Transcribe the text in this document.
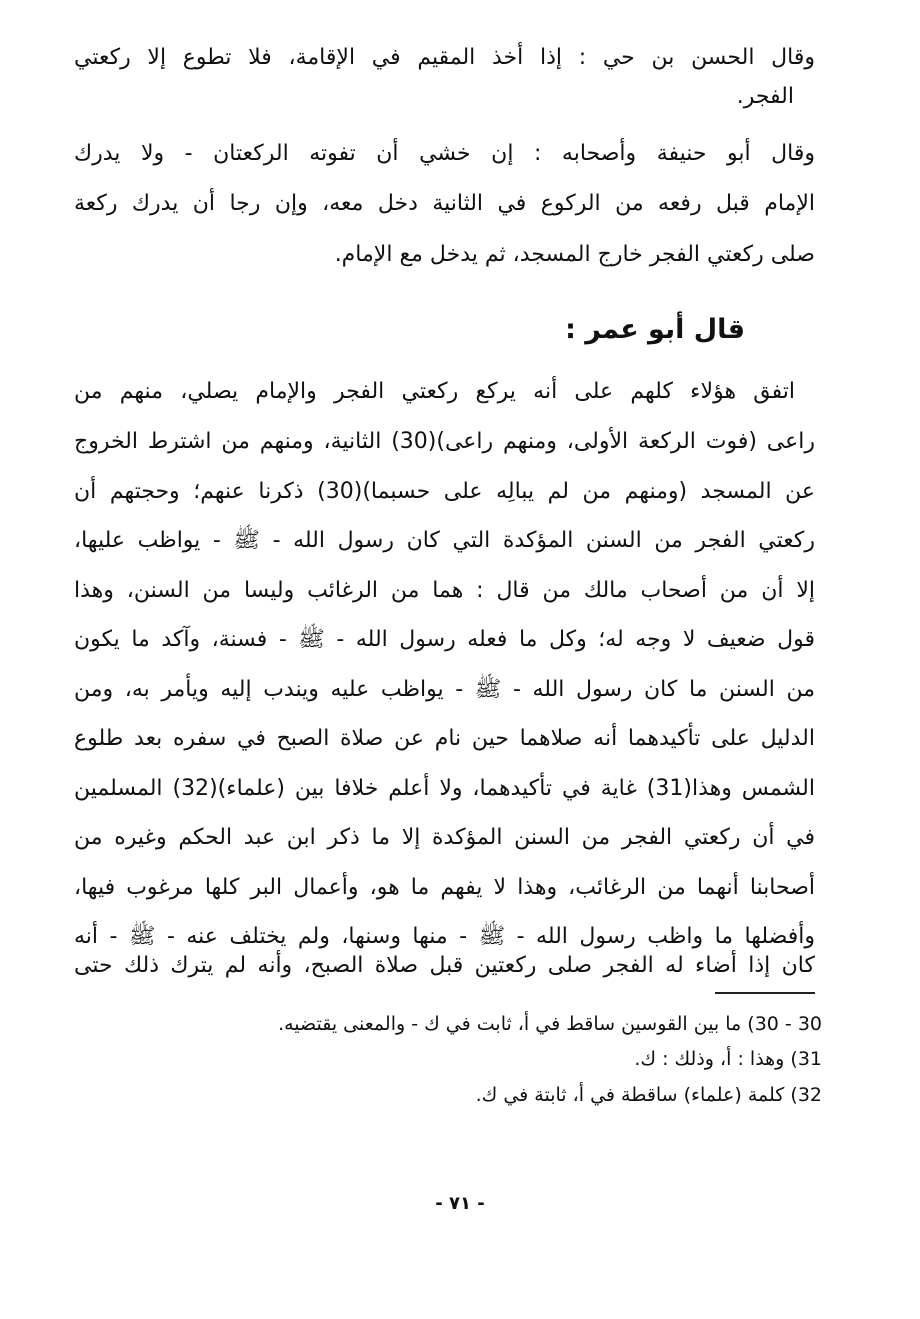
وقال الحسن بن حي : إذا أخذ المقيم في الإقامة، فلا تطوع إلا ركعتي
الفجر.
وقال أبو حنيفة وأصحابه : إن خشي أن تفوته الركعتان - ولا يدرك
الإمام قبل رفعه من الركوع في الثانية دخل معه، وإن رجا أن يدرك ركعة
صلى ركعتي الفجر خارج المسجد، ثم يدخل مع الإمام.
قال أبو عمر :
اتفق هؤلاء كلهم على أنه يركع ركعتي الفجر والإمام يصلي، منهم من
راعى (فوت الركعة الأولى، ومنهم راعى)(30) الثانية، ومنهم من اشترط الخروج
عن المسجد (ومنهم من لم يبالِه على حسبما)(30) ذكرنا عنهم؛ وحجتهم أن
ركعتي الفجر من السنن المؤكدة التي كان رسول الله - ﷺ - يواظب عليها،
إلا أن من أصحاب مالك من قال : هما من الرغائب وليسا من السنن، وهذا
قول ضعيف لا وجه له؛ وكل ما فعله رسول الله - ﷺ - فسنة، وآكد ما يكون
من السنن ما كان رسول الله - ﷺ - يواظب عليه ويندب إليه ويأمر به، ومن
الدليل على تأكيدهما أنه صلاهما حين نام عن صلاة الصبح في سفره بعد طلوع
الشمس وهذا(31) غاية في تأكيدهما، ولا أعلم خلافا بين (علماء)(32) المسلمين
في أن ركعتي الفجر من السنن المؤكدة إلا ما ذكر ابن عبد الحكم وغيره من
أصحابنا أنهما من الرغائب، وهذا لا يفهم ما هو، وأعمال البر كلها مرغوب فيها،
وأفضلها ما واظب رسول الله - ﷺ - منها وسنها، ولم يختلف عنه - ﷺ - أنه
كان إذا أضاء له الفجر صلى ركعتين قبل صلاة الصبح، وأنه لم يترك ذلك حتى
30 - 30) ما بين القوسين ساقط في أ، ثابت في ك - والمعنى يقتضيه.
31) وهذا : أ، وذلك : ك.
32) كلمة (علماء) ساقطة في أ، ثابتة في ك.
- ٧١ -
